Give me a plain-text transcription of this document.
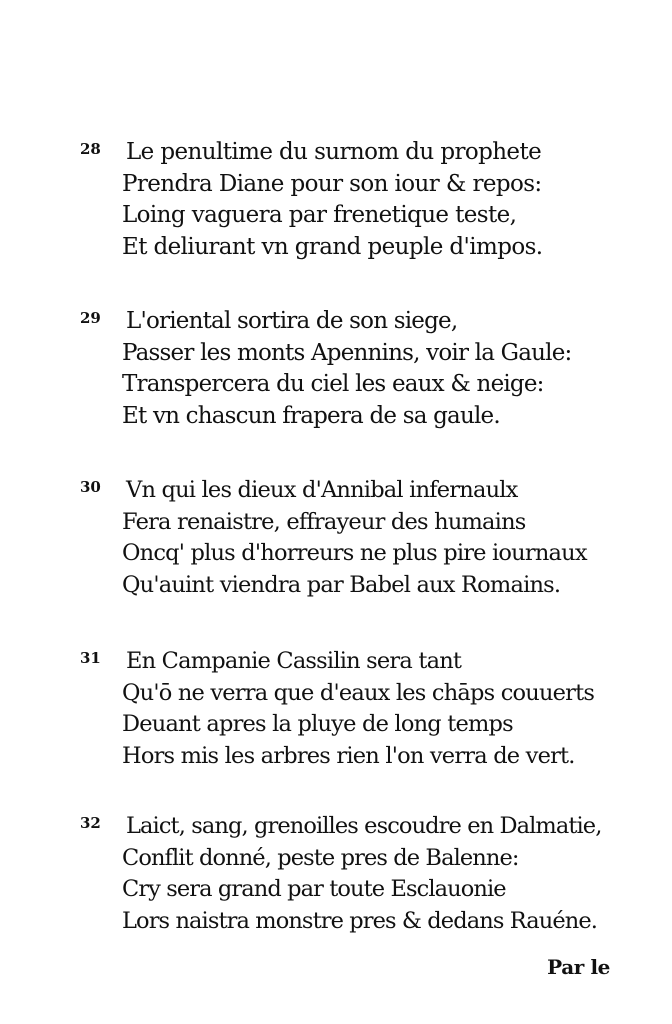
28 Le penultime du surnom du prophete
Prendra Diane pour son iour & repos:
Loing vaguera par frenetique teste,
Et deliurant vn grand peuple d'impos.
29 L'oriental sortira de son siege,
Passer les monts Apennins, voir la Gaule:
Transpercera du ciel les eaux & neige:
Et vn chascun frapera de sa gaule.
30 Vn qui les dieux d'Annibal infernaulx
Fera renaistre, effrayeur des humains
Oncq' plus d'horreurs ne plus pire iournaux
Qu'auint viendra par Babel aux Romains.
31 En Campanie Cassilin sera tant
Qu'ō ne verra que d'eaux les chāps couuerts
Deuant apres la pluye de long temps
Hors mis les arbres rien l'on verra de vert.
32 Laict, sang, grenoilles escoudre en Dalmatie,
Conflit donné, peste pres de Balenne:
Cry sera grand par toute Esclauonie
Lors naistra monstre pres & dedans Rauéne.
Par le
